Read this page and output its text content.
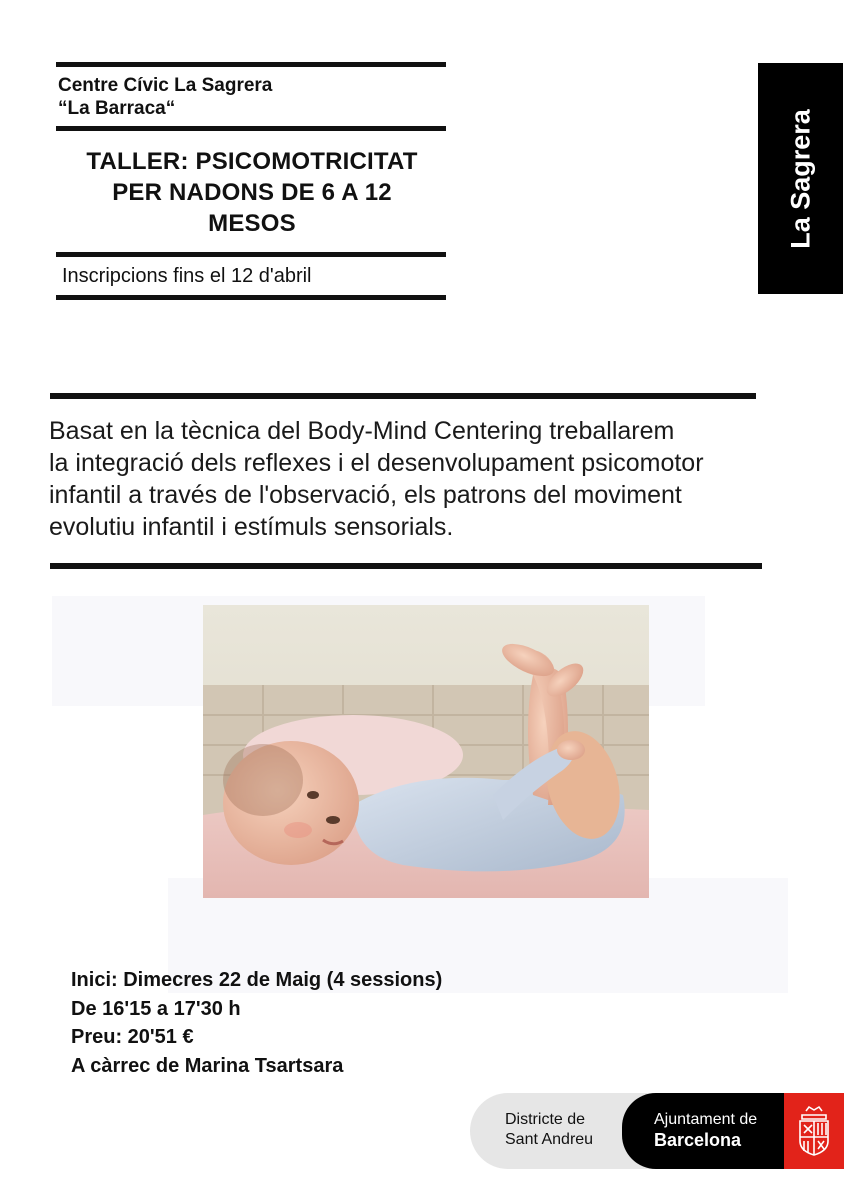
Centre Cívic La Sagrera
“La Barraca“
TALLER: PSICOMOTRICITAT
PER NADONS DE 6 A 12
MESOS
Inscripcions fins el 12 d'abril
La Sagrera
Basat en la tècnica del Body-Mind Centering treballarem
la integració dels reflexes i el desenvolupament psicomotor
infantil a través de l'observació, els patrons del moviment
evolutiu infantil i estímuls sensorials.
Inici: Dimecres 22 de Maig (4 sessions)
De 16'15 a 17'30 h
Preu: 20'51 €
A càrrec de Marina Tsartsara
Districte de
Sant Andreu
Ajuntament de
Barcelona
